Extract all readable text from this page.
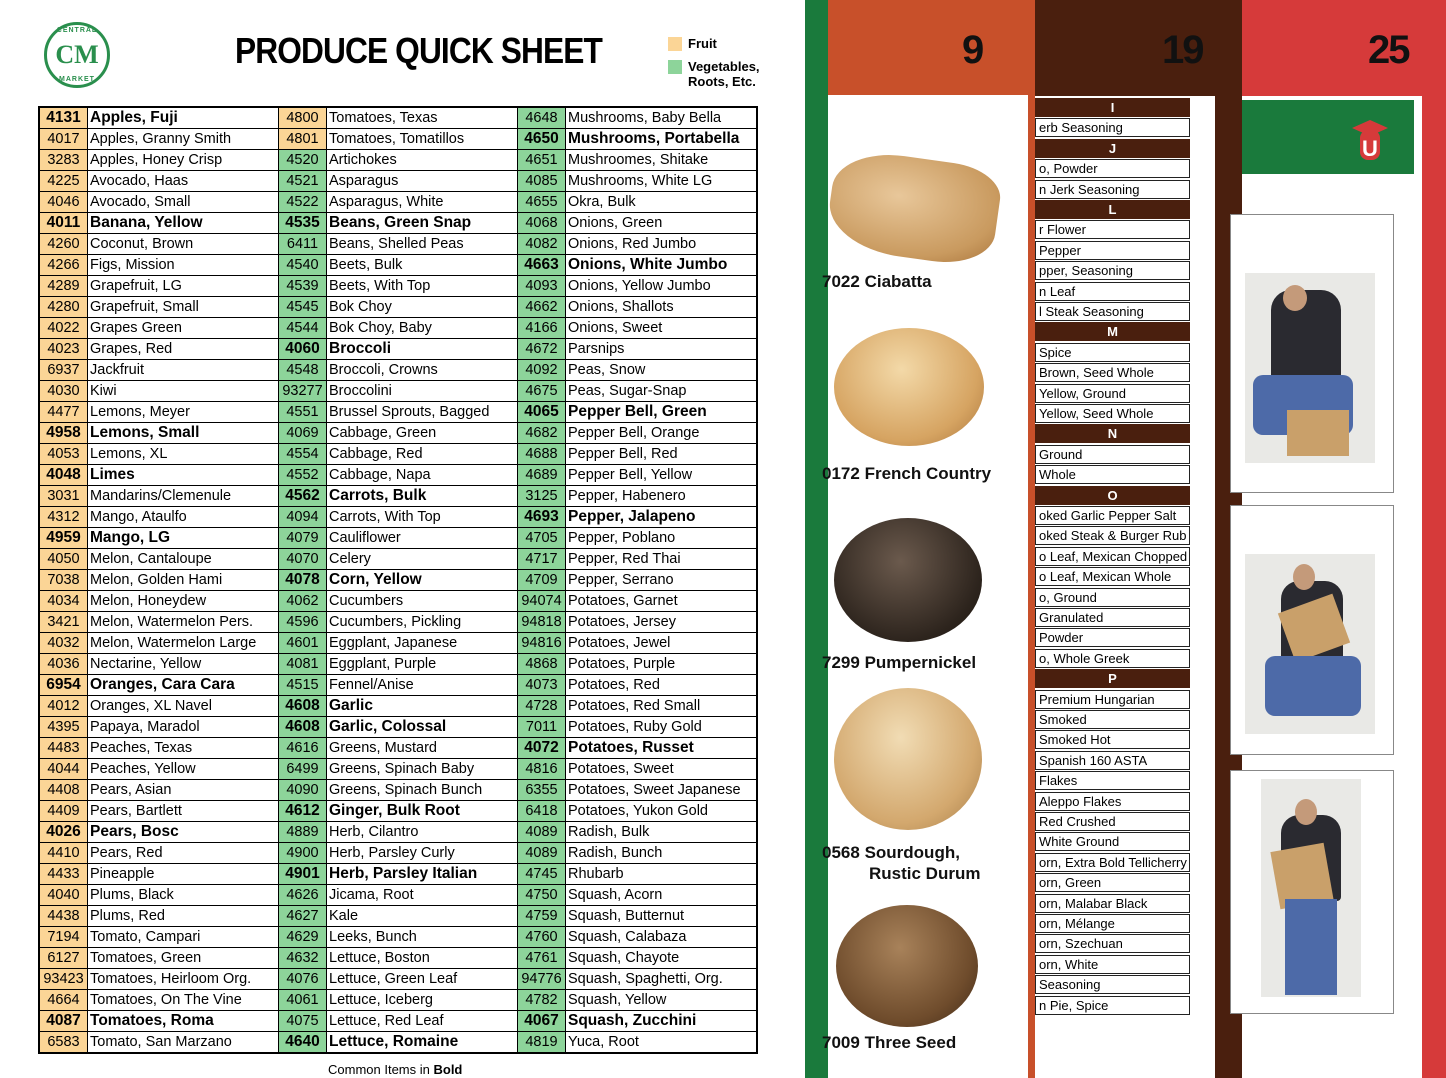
9	19	25
7022 Ciabatta
0172 French Country
7299 Pumpernickel
0568 Sourdough,
Rustic Durum
7009 Three Seed
I
erb Seasoning
J
o, Powder
n Jerk Seasoning
L
r Flower
Pepper
pper, Seasoning
n Leaf
l Steak Seasoning
M
Spice
Brown, Seed Whole
Yellow, Ground
Yellow, Seed Whole
N
Ground
Whole
O
oked Garlic Pepper Salt
oked Steak & Burger Rub
o Leaf, Mexican Chopped
o Leaf, Mexican Whole
o, Ground
Granulated
Powder
o, Whole Greek
P
Premium Hungarian
Smoked
Smoked Hot
Spanish 160 ASTA
Flakes
Aleppo Flakes
Red Crushed
White Ground
orn, Extra Bold Tellicherry
orn, Green
orn, Malabar Black
orn, Mélange
orn, Szechuan
orn, White
Seasoning
n Pie, Spice
U
CENTRAL
CM
MARKET
PRODUCE QUICK SHEET	Fruit
Vegetables,
Roots, Etc.
4131	Apples, Fuji	4800	Tomatoes, Texas	4648	Mushrooms, Baby Bella
4017	Apples, Granny Smith	4801	Tomatoes, Tomatillos	4650	Mushrooms, Portabella
3283	Apples, Honey Crisp	4520	Artichokes	4651	Mushroomes, Shitake
4225	Avocado, Haas	4521	Asparagus	4085	Mushrooms, White LG
4046	Avocado, Small	4522	Asparagus, White	4655	Okra, Bulk
4011	Banana, Yellow	4535	Beans, Green Snap	4068	Onions, Green
4260	Coconut, Brown	6411	Beans, Shelled Peas	4082	Onions, Red Jumbo
4266	Figs, Mission	4540	Beets, Bulk	4663	Onions, White Jumbo
4289	Grapefruit, LG	4539	Beets, With Top	4093	Onions, Yellow Jumbo
4280	Grapefruit, Small	4545	Bok Choy	4662	Onions, Shallots
4022	Grapes Green	4544	Bok Choy, Baby	4166	Onions, Sweet
4023	Grapes, Red	4060	Broccoli	4672	Parsnips
6937	Jackfruit	4548	Broccoli, Crowns	4092	Peas, Snow
4030	Kiwi	93277	Broccolini	4675	Peas, Sugar-Snap
4477	Lemons, Meyer	4551	Brussel Sprouts, Bagged	4065	Pepper Bell, Green
4958	Lemons, Small	4069	Cabbage, Green	4682	Pepper Bell, Orange
4053	Lemons, XL	4554	Cabbage, Red	4688	Pepper Bell, Red
4048	Limes	4552	Cabbage, Napa	4689	Pepper Bell, Yellow
3031	Mandarins/Clemenule	4562	Carrots, Bulk	3125	Pepper, Habenero
4312	Mango, Ataulfo	4094	Carrots, With Top	4693	Pepper, Jalapeno
4959	Mango, LG	4079	Cauliflower	4705	Pepper, Poblano
4050	Melon, Cantaloupe	4070	Celery	4717	Pepper, Red Thai
7038	Melon, Golden Hami	4078	Corn, Yellow	4709	Pepper, Serrano
4034	Melon, Honeydew	4062	Cucumbers	94074	Potatoes, Garnet
3421	Melon, Watermelon Pers.	4596	Cucumbers, Pickling	94818	Potatoes, Jersey
4032	Melon, Watermelon Large	4601	Eggplant, Japanese	94816	Potatoes, Jewel
4036	Nectarine, Yellow	4081	Eggplant, Purple	4868	Potatoes, Purple
6954	Oranges, Cara Cara	4515	Fennel/Anise	4073	Potatoes, Red
4012	Oranges, XL Navel	4608	Garlic	4728	Potatoes, Red Small
4395	Papaya, Maradol	4608	Garlic, Colossal	7011	Potatoes, Ruby Gold
4483	Peaches, Texas	4616	Greens, Mustard	4072	Potatoes, Russet
4044	Peaches, Yellow	6499	Greens, Spinach Baby	4816	Potatoes, Sweet
4408	Pears, Asian	4090	Greens, Spinach Bunch	6355	Potatoes, Sweet Japanese
4409	Pears, Bartlett	4612	Ginger, Bulk Root	6418	Potatoes, Yukon Gold
4026	Pears, Bosc	4889	Herb, Cilantro	4089	Radish, Bulk
4410	Pears, Red	4900	Herb, Parsley Curly	4089	Radish, Bunch
4433	Pineapple	4901	Herb, Parsley Italian	4745	Rhubarb
4040	Plums, Black	4626	Jicama, Root	4750	Squash, Acorn
4438	Plums, Red	4627	Kale	4759	Squash, Butternut
7194	Tomato, Campari	4629	Leeks, Bunch	4760	Squash, Calabaza
6127	Tomatoes, Green	4632	Lettuce, Boston	4761	Squash, Chayote
93423	Tomatoes, Heirloom Org.	4076	Lettuce, Green Leaf	94776	Squash, Spaghetti, Org.
4664	Tomatoes, On The Vine	4061	Lettuce, Iceberg	4782	Squash, Yellow
4087	Tomatoes, Roma	4075	Lettuce, Red Leaf	4067	Squash, Zucchini
6583	Tomato, San Marzano	4640	Lettuce, Romaine	4819	Yuca, Root
Common Items in Bold
